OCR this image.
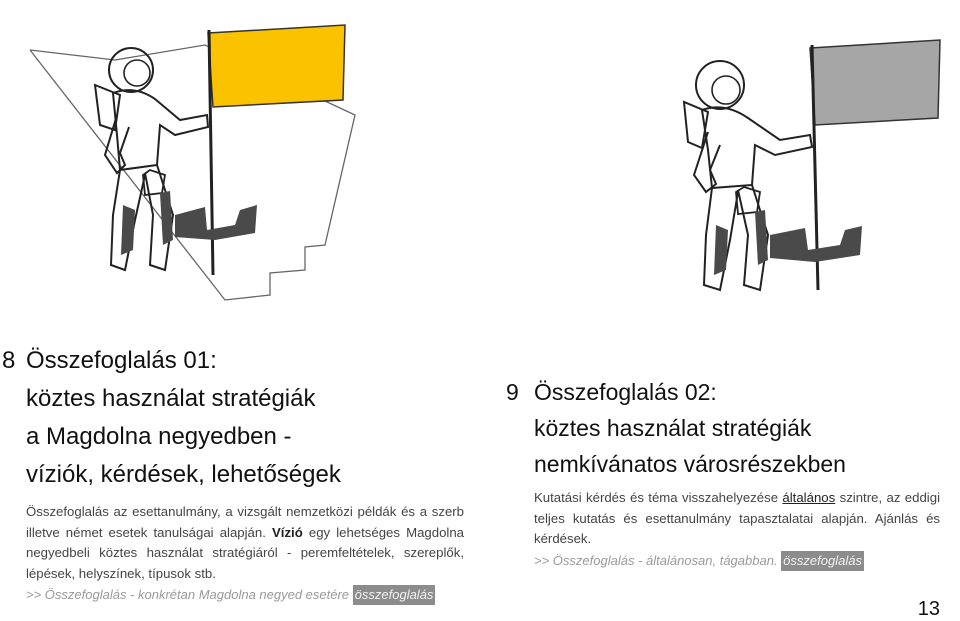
8 Összefoglalás 01:
köztes használat stratégiák
a Magdolna negyedben -
víziók, kérdések, lehetőségek
Összefoglalás az esettanulmány, a vizsgált nemzetközi példák és a szerb illetve német esetek tanulságai alapján. Vízió egy lehetséges Magdolna negyedbeli köztes használat stratégiáról - peremfeltételek, szereplők, lépések, helyszínek, típusok stb.
>> Összefoglalás - konkrétan Magdolna negyed esetére összefoglalás
9 Összefoglalás 02:
köztes használat stratégiák
nemkívánatos városrészekben
Kutatási kérdés és téma visszahelyezése általános szintre, az eddigi teljes kutatás és esettanulmány tapasztalatai alapján. Ajánlás és kérdések.
>> Összefoglalás - általánosan, tágabban. összefoglalás
13
